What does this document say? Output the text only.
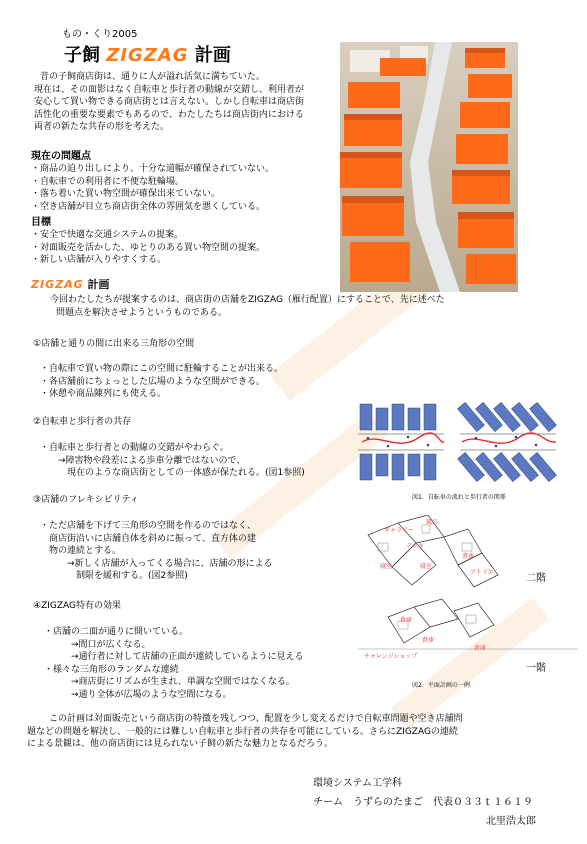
もの・くり2005
子飼 ZIGZAG 計画
昔の子飼商店街は、通りに人が溢れ活気に満ちていた。
現在は、その面影はなく自転車と歩行者の動線が交錯し、利用者が
安心して買い物できる商店街とは言えない。しかし自転車は商店街
活性化の重要な要素でもあるので、わたしたちは商店街内における
両者の新たな共存の形を考えた。
現在の問題点
・商品の迫り出しにより、十分な道幅が確保されていない。
・自転車での利用者に不便な駐輪場。
・落ち着いた買い物空間が確保出来ていない。
・空き店舗が目立ち商店街全体の雰囲気を悪くしている。
目標
・安全で快適な交通システムの提案。
・対面販売を活かした、ゆとりのある買い物空間の提案。
・新しい店舗が入りやすくする。
ZIGZAG 計画
今回わたしたちが提案するのは、商店街の店舗をZIGZAG（雁行配置）にすることで、先に述べた
問題点を解決させようというものである。
①店舗と通りの間に出来る三角形の空間
・自転車で買い物の際にこの空間に駐輪することが出来る。
・各店舗前にちょっとした広場のような空間ができる。
・休憩や商品陳列にも使える。
②自転車と歩行者の共存
・自転車と歩行者との動線の交錯がやわらぐ。
　　→障害物や段差による歩車分離ではないので、
　　　現在のような商店街としての一体感が保たれる。(図1参照)
図1．自転車の流れと歩行者の関係
③店舗のフレキシビリティ
・ただ店舗を下げて三角形の空間を作るのではなく、
　商店街沿いに店舗自体を斜めに振って、直方体の建
　物の連続とする。
　　　→新しく店舗が入ってくる場合に、店舗の形による
　　　　制限を緩和する。(図2参照)
ギャラリー
風呂
デッキ
寝室	寝室
書斎
アトリエ
二階
倉庫
倉庫
チャレンジショップ
倉庫
一階
図2．平面計画の一例
④ZIGZAG特有の効果
・店舗の二面が通りに開いている。
　　　→間口が広くなる。
　　　→通行者に対して店舗の正面が連続しているように見える
・様々な三角形のランダムな連続
　　　→商店街にリズムが生まれ、単調な空間ではなくなる。
　　　→通り全体が広場のような空間になる。
この計画は対面販売という商店街の特徴を残しつつ、配置を少し変えるだけで自転車問題や空き店舗問
題などの問題を解決し、一般的には難しい自転車と歩行者の共存を可能にしている。さらにZIGZAGの連続
による景観は、他の商店街には見られない子飼の新たな魅力となるだろう。
環境システム工学科
チーム　うずらのたまご　代表０３３ｔ１６１９
北里浩太郎
